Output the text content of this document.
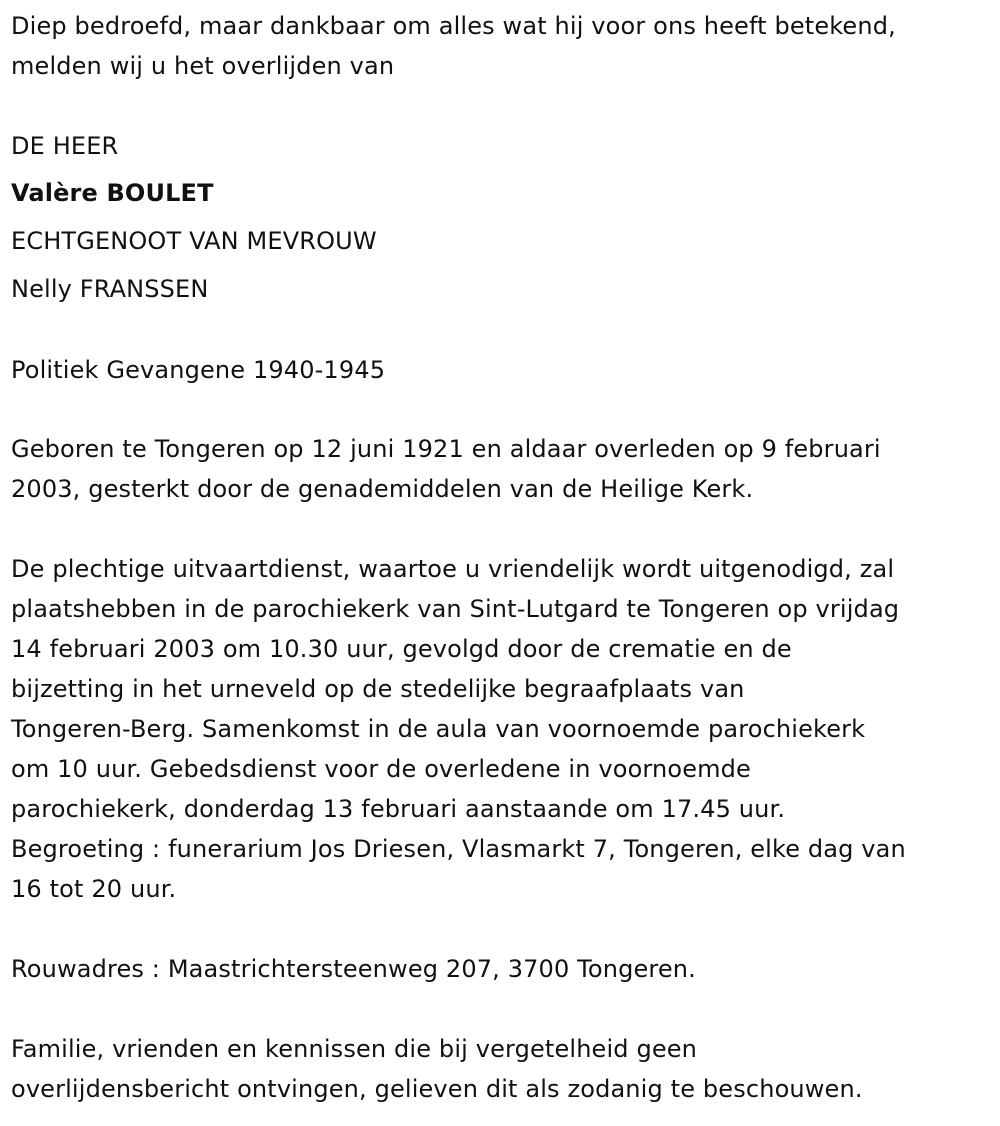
Diep bedroefd, maar dankbaar om alles wat hij voor ons heeft betekend,
melden wij u het overlijden van
DE HEER
Valère BOULET
ECHTGENOOT VAN MEVROUW
Nelly FRANSSEN
Politiek Gevangene 1940-1945
Geboren te Tongeren op 12 juni 1921 en aldaar overleden op 9 februari
2003, gesterkt door de genademiddelen van de Heilige Kerk.
De plechtige uitvaartdienst, waartoe u vriendelijk wordt uitgenodigd, zal
plaatshebben in de parochiekerk van Sint-Lutgard te Tongeren op vrijdag
14 februari 2003 om 10.30 uur, gevolgd door de crematie en de
bijzetting in het urneveld op de stedelijke begraafplaats van
Tongeren-Berg. Samenkomst in de aula van voornoemde parochiekerk
om 10 uur. Gebedsdienst voor de overledene in voornoemde
parochiekerk, donderdag 13 februari aanstaande om 17.45 uur.
Begroeting : funerarium Jos Driesen, Vlasmarkt 7, Tongeren, elke dag van
16 tot 20 uur.
Rouwadres : Maastrichtersteenweg 207, 3700 Tongeren.
Familie, vrienden en kennissen die bij vergetelheid geen
overlijdensbericht ontvingen, gelieven dit als zodanig te beschouwen.
